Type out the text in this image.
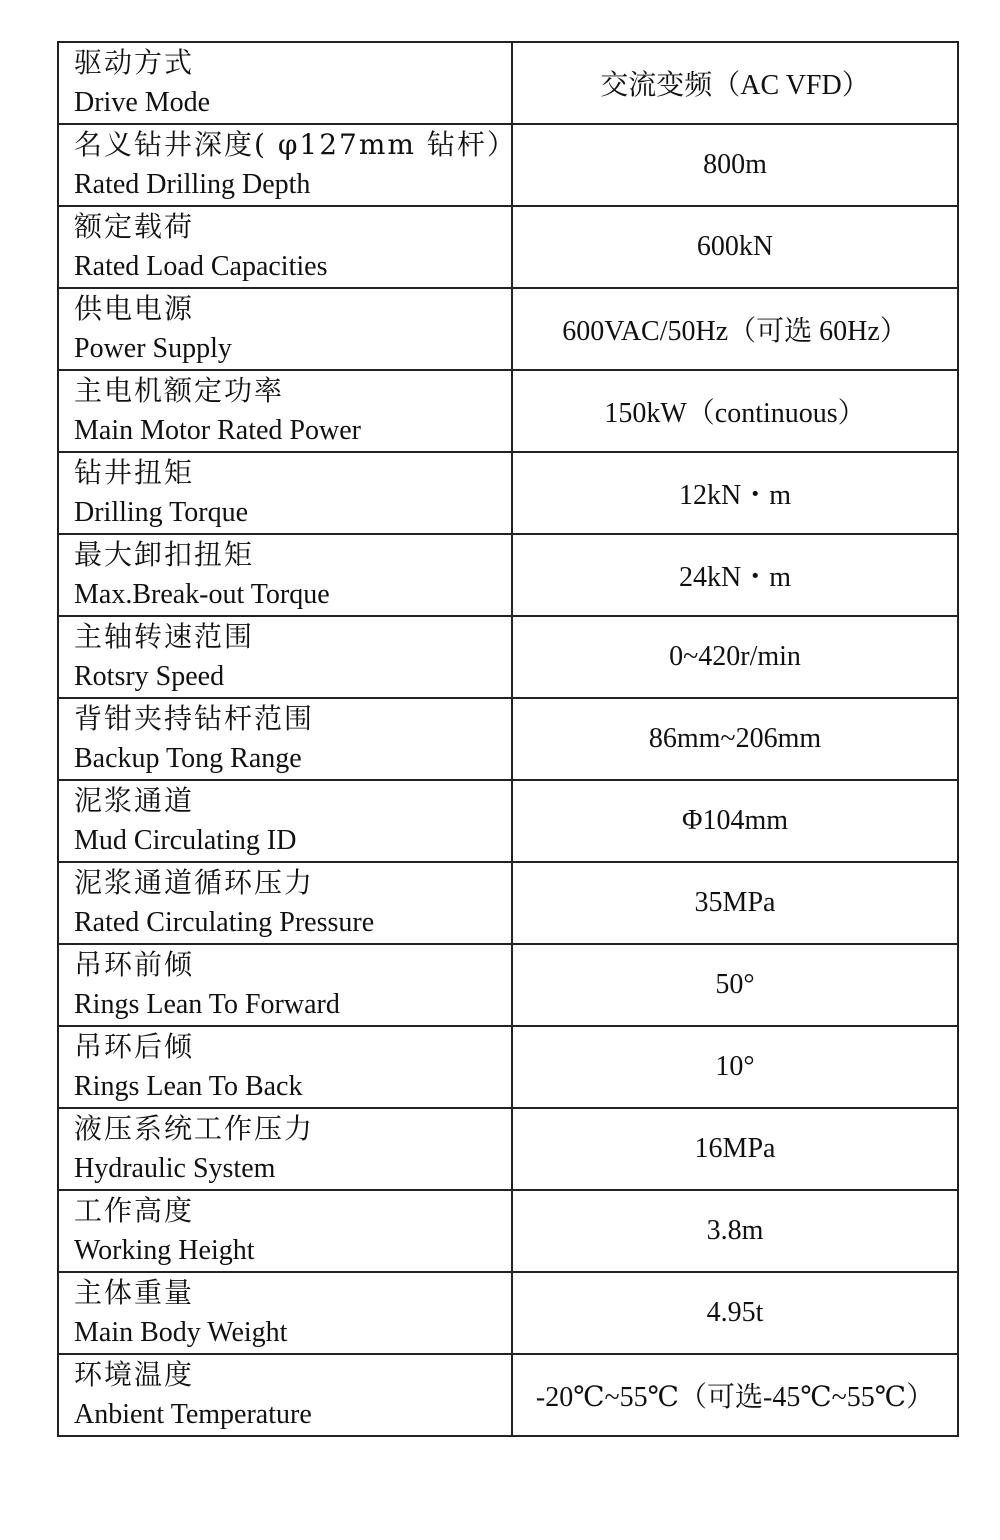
驱动方式
Drive Mode	交流变频（AC VFD）

名义钻井深度( φ127mm 钻杆）
Rated Drilling Depth	800m

额定载荷
Rated Load Capacities	600kN

供电电源
Power Supply	600VAC/50Hz（可选 60Hz）

主电机额定功率
Main Motor Rated Power	150kW（continuous）

钻井扭矩
Drilling Torque	12kN・m

最大卸扣扭矩
Max.Break-out Torque	24kN・m

主轴转速范围
Rotsry Speed	0~420r/min

背钳夹持钻杆范围
Backup Tong Range	86mm~206mm

泥浆通道
Mud Circulating ID	Φ104mm

泥浆通道循环压力
Rated Circulating Pressure	35MPa

吊环前倾
Rings Lean To Forward	50°

吊环后倾
Rings Lean To Back	10°

液压系统工作压力
Hydraulic System	16MPa

工作高度
Working Height	3.8m

主体重量
Main Body Weight	4.95t

环境温度
Anbient Temperature	-20℃~55℃（可选-45℃~55℃）
